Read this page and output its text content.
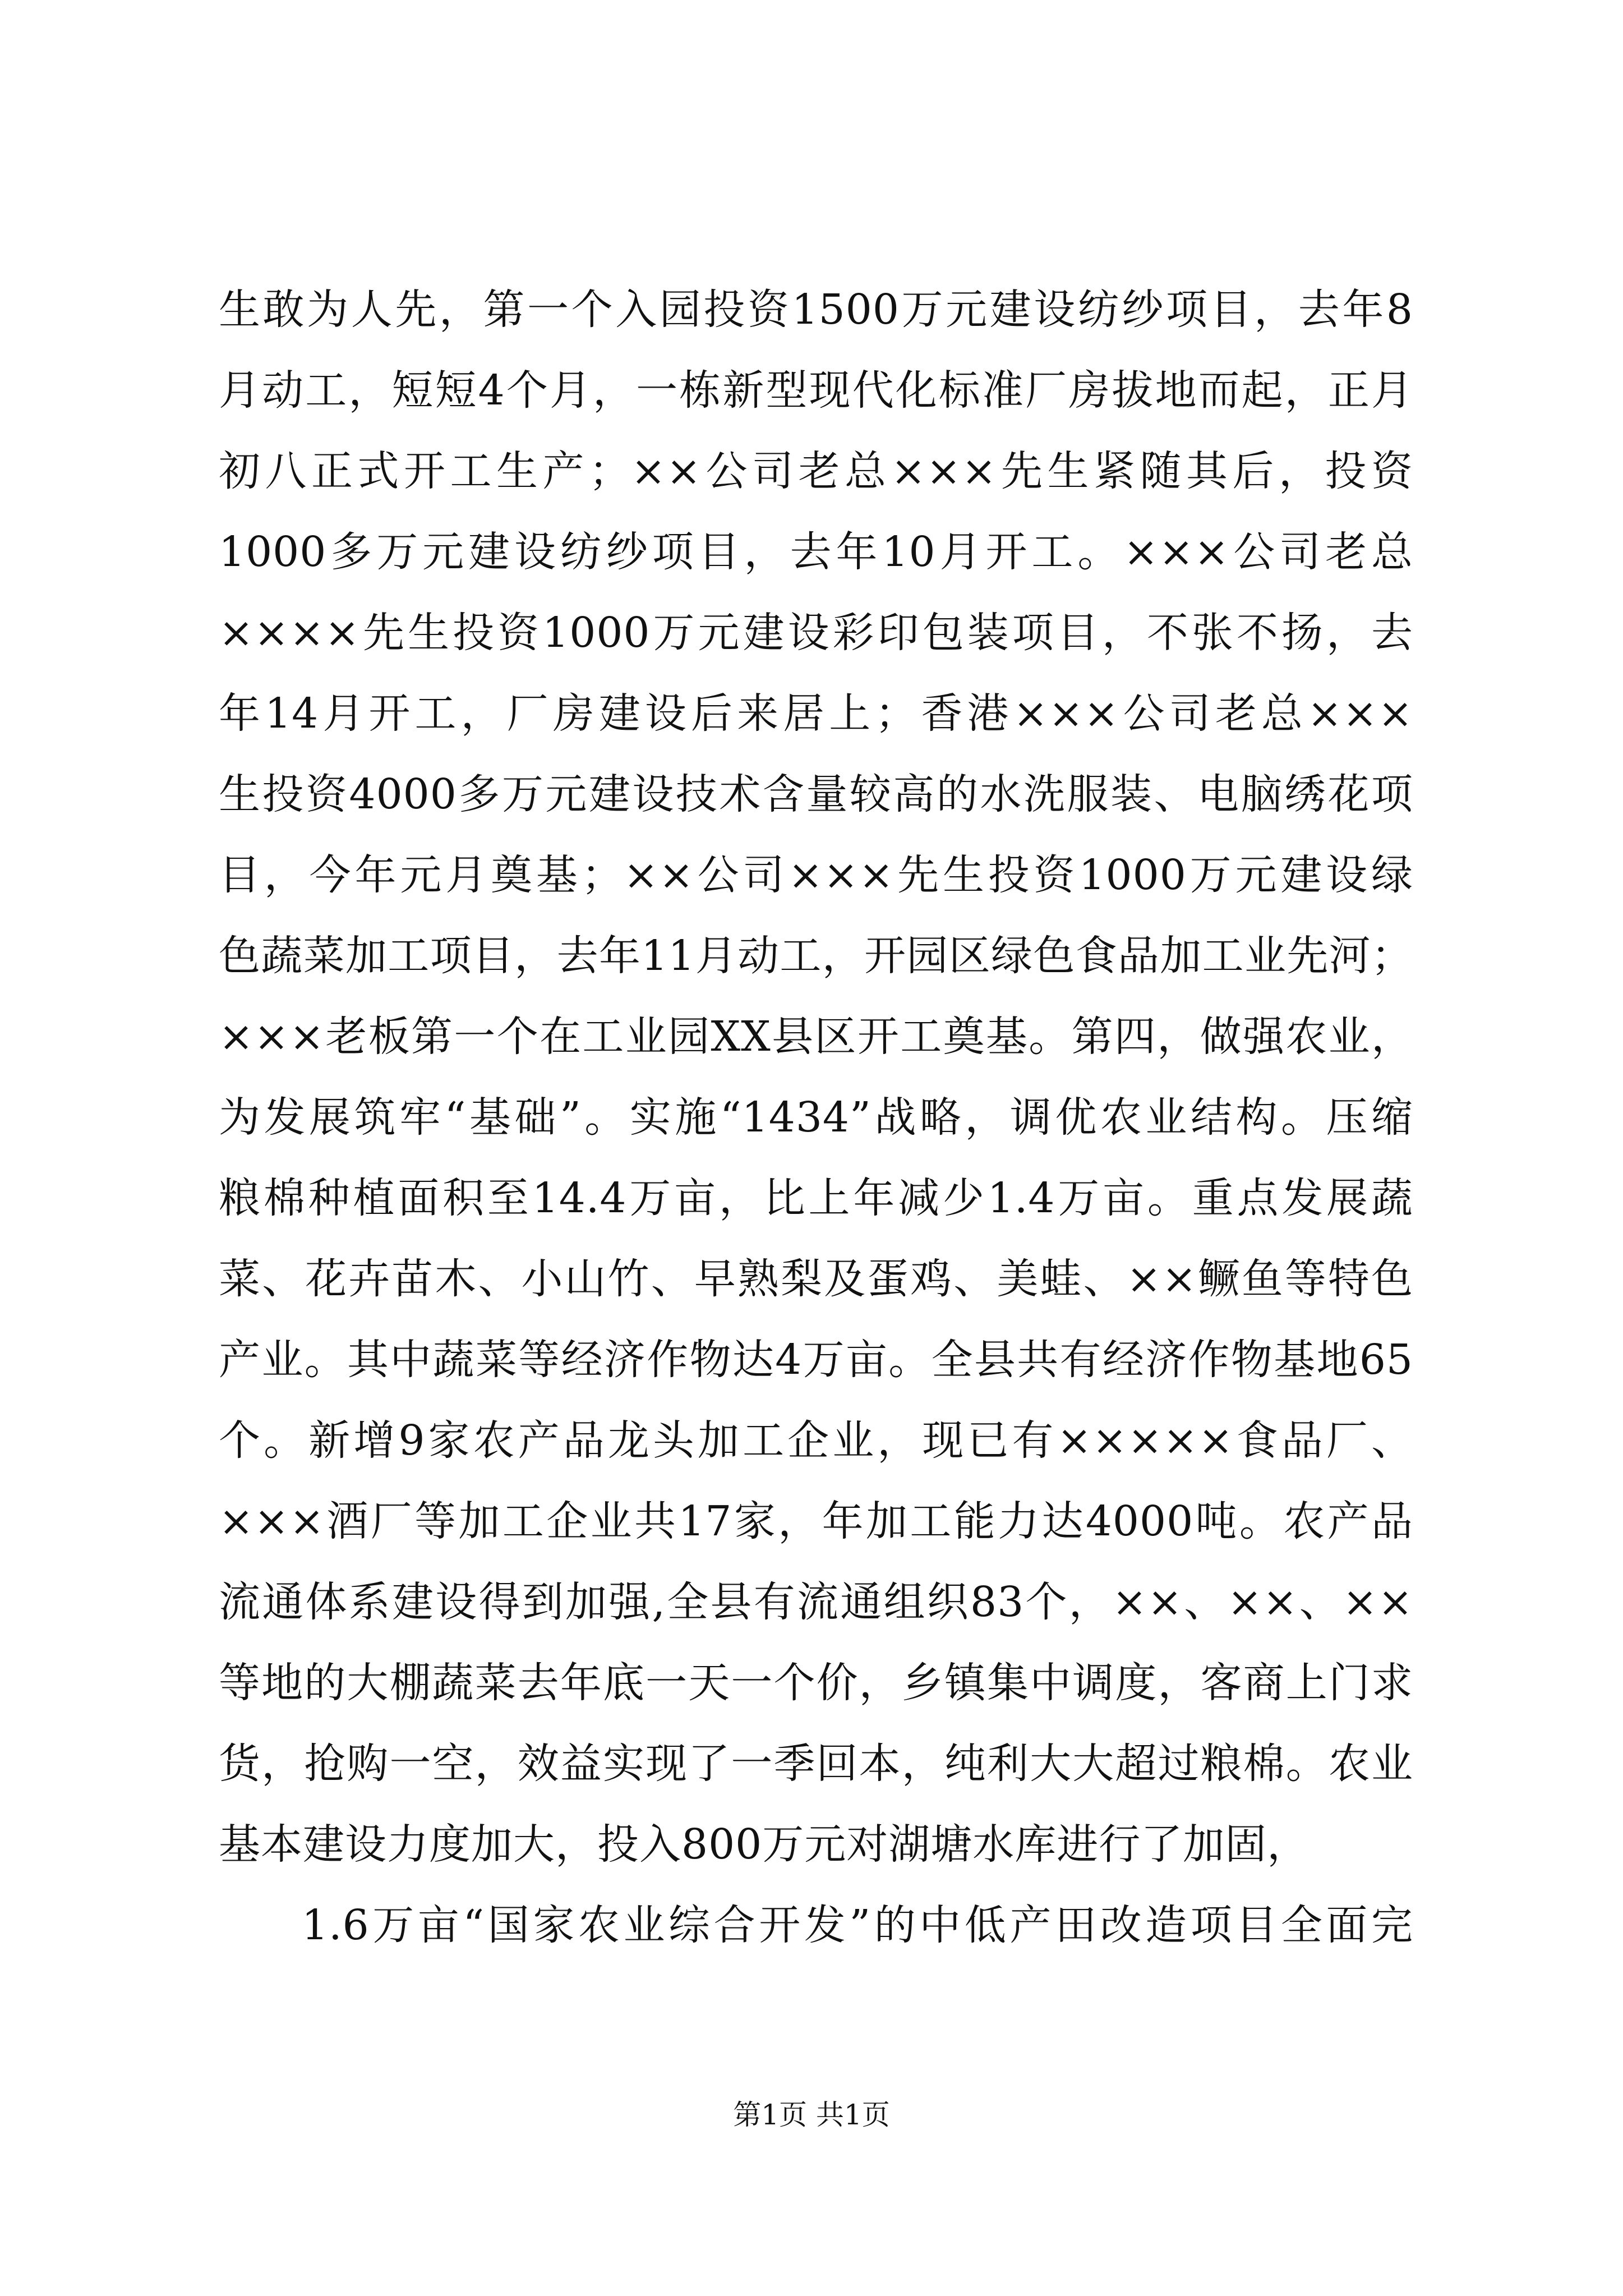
生敢为人先，第一个入园投资1500万元建设纺纱项目，去年8
月动工，短短4个月，一栋新型现代化标准厂房拔地而起，正月
初八正式开工生产；××公司老总×××先生紧随其后，投资
1000多万元建设纺纱项目，去年10月开工。×××公司老总
××××先生投资1000万元建设彩印包装项目，不张不扬，去
年14月开工，厂房建设后来居上；香港×××公司老总×××
生投资4000多万元建设技术含量较高的水洗服装、电脑绣花项
目，今年元月奠基；××公司×××先生投资1000万元建设绿
色蔬菜加工项目，去年11月动工，开园区绿色食品加工业先河；
×××老板第一个在工业园XX县区开工奠基。第四，做强农业，
为发展筑牢“基础”。实施“1434”战略，调优农业结构。压缩
粮棉种植面积至14.4万亩，比上年减少1.4万亩。重点发展蔬
菜、花卉苗木、小山竹、早熟梨及蛋鸡、美蛙、××鳜鱼等特色
产业。其中蔬菜等经济作物达4万亩。全县共有经济作物基地65
个。新增9家农产品龙头加工企业，现已有×××××食品厂、
×××酒厂等加工企业共17家，年加工能力达4000吨。农产品
流通体系建设得到加强,全县有流通组织83个，××、××、××
等地的大棚蔬菜去年底一天一个价，乡镇集中调度，客商上门求
货，抢购一空，效益实现了一季回本，纯利大大超过粮棉。农业
基本建设力度加大，投入800万元对湖塘水库进行了加固，
1.6万亩“国家农业综合开发”的中低产田改造项目全面完
第1页 共1页
